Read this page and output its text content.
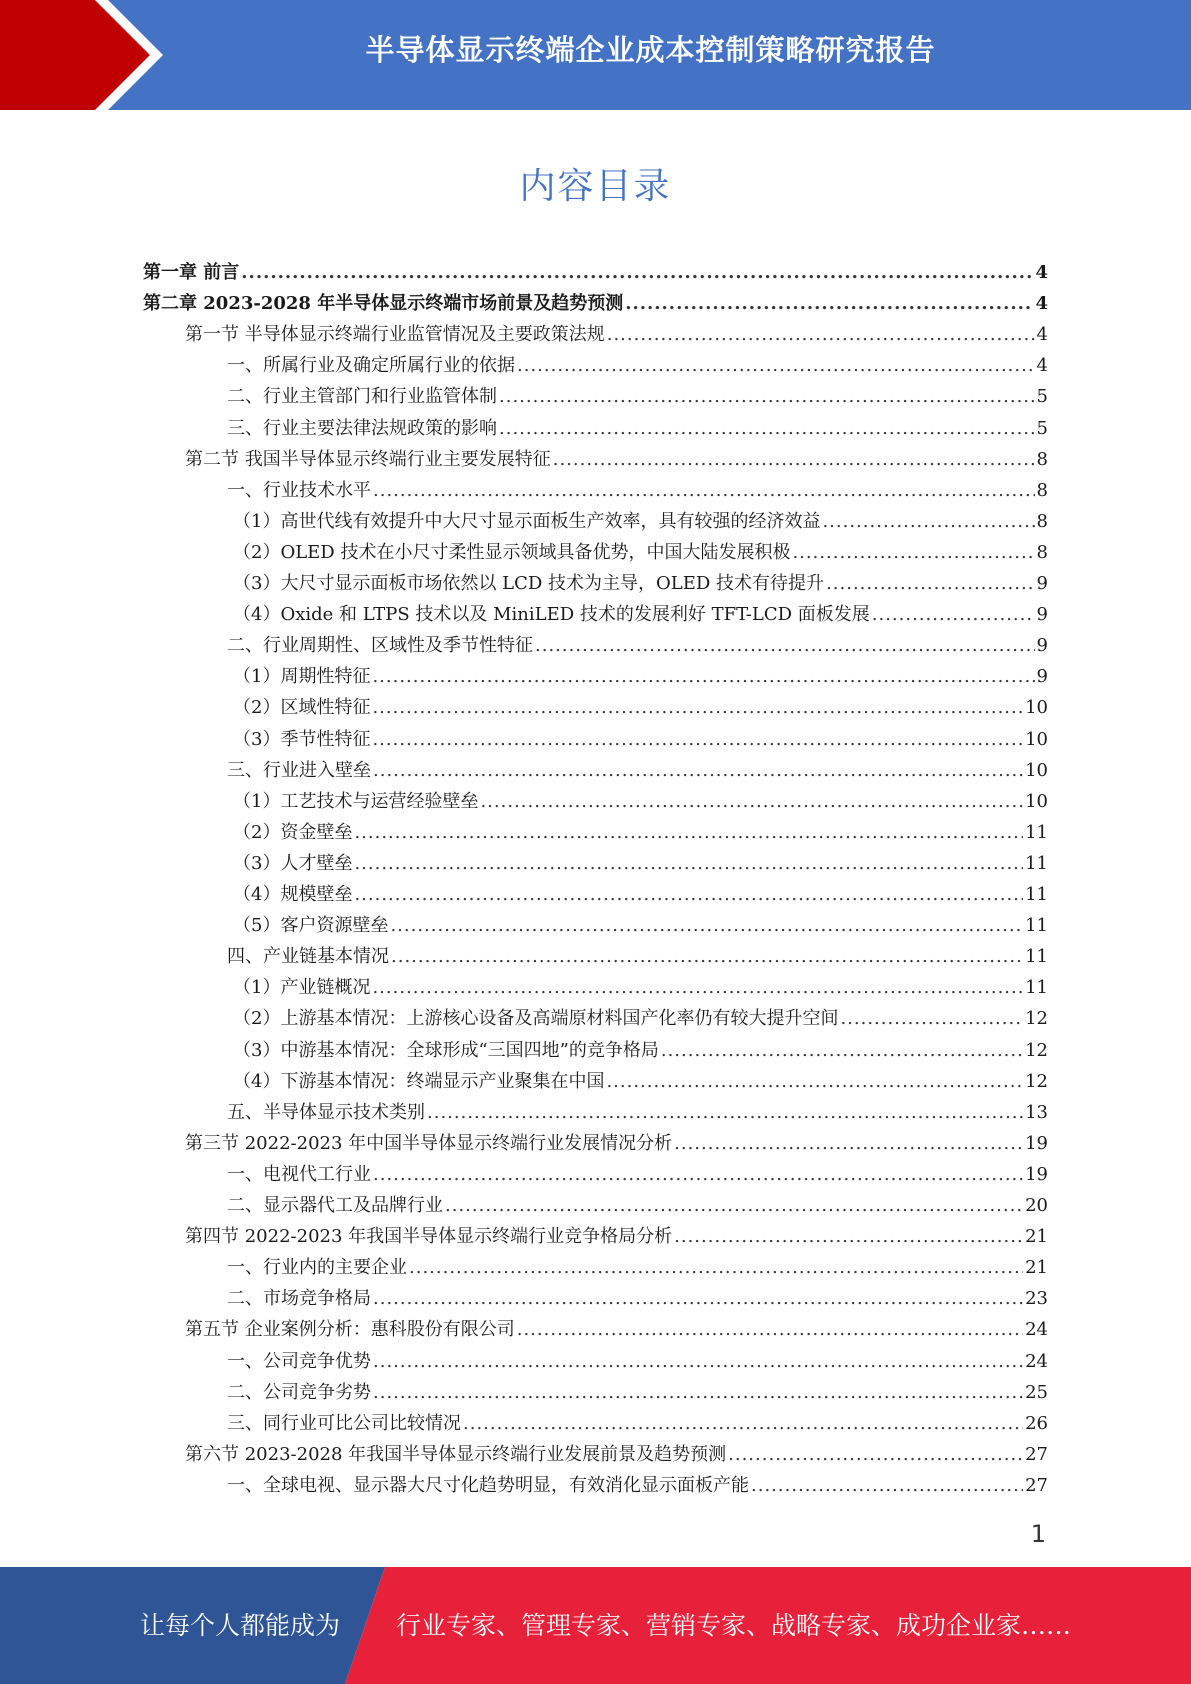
半导体显示终端企业成本控制策略研究报告
内容目录
第一章 前言 .....	4
第二章 2023-2028 年半导体显示终端市场前景及趋势预测 .....	4
第一节 半导体显示终端行业监管情况及主要政策法规 .....	4
一、所属行业及确定所属行业的依据 .....	4
二、行业主管部门和行业监管体制 .....	5
三、行业主要法律法规政策的影响 .....	5
第二节 我国半导体显示终端行业主要发展特征 .....	8
一、行业技术水平 .....	8
（1）高世代线有效提升中大尺寸显示面板生产效率，具有较强的经济效益 .....	8
（2）OLED 技术在小尺寸柔性显示领域具备优势，中国大陆发展积极 .....	8
（3）大尺寸显示面板市场依然以 LCD 技术为主导，OLED 技术有待提升 .....	9
（4）Oxide 和 LTPS 技术以及 MiniLED 技术的发展利好 TFT-LCD 面板发展 .....	9
二、行业周期性、区域性及季节性特征 .....	9
（1）周期性特征 .....	9
（2）区域性特征 .....	10
（3）季节性特征 .....	10
三、行业进入壁垒 .....	10
（1）工艺技术与运营经验壁垒 .....	10
（2）资金壁垒 .....	11
（3）人才壁垒 .....	11
（4）规模壁垒 .....	11
（5）客户资源壁垒 .....	11
四、产业链基本情况 .....	11
（1）产业链概况 .....	11
（2）上游基本情况：上游核心设备及高端原材料国产化率仍有较大提升空间 .....	12
（3）中游基本情况：全球形成“三国四地”的竞争格局 .....	12
（4）下游基本情况：终端显示产业聚集在中国 .....	12
五、半导体显示技术类别 .....	13
第三节 2022-2023 年中国半导体显示终端行业发展情况分析 .....	19
一、电视代工行业 .....	19
二、显示器代工及品牌行业 .....	20
第四节 2022-2023 年我国半导体显示终端行业竞争格局分析 .....	21
一、行业内的主要企业 .....	21
二、市场竞争格局 .....	23
第五节 企业案例分析：惠科股份有限公司 .....	24
一、公司竞争优势 .....	24
二、公司竞争劣势 .....	25
三、同行业可比公司比较情况 .....	26
第六节 2023-2028 年我国半导体显示终端行业发展前景及趋势预测 .....	27
一、全球电视、显示器大尺寸化趋势明显，有效消化显示面板产能 .....	27
1
让每个人都能成为 行业专家、管理专家、营销专家、战略专家、成功企业家……
